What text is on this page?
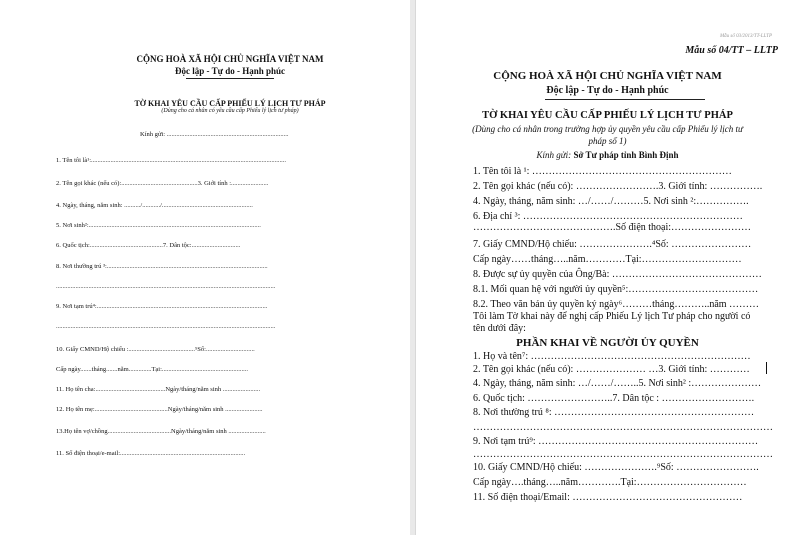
Mẫu số 03/2013/TT-LLTP
CỘNG HOÀ XÃ HỘI CHỦ NGHĨA VIỆT NAM
Độc lập - Tự do - Hạnh phúc
TỜ KHAI YÊU CẦU CẤP PHIẾU LÝ LỊCH TƯ PHÁP
(Dùng cho cá nhân có yêu cầu cấp Phiếu lý lịch tư pháp)
Kính gửi: ...........................................................................
1. Tên tôi là¹:........................................................................................................................
2. Tên gọi khác (nếu có):...............................................3. Giới tính :.......................
4. Ngày, tháng, năm sinh: ........../.........../........................................................
5. Nơi sinh²:..........................................................................................................
6. Quốc tịch:.............................................7. Dân tộc:..............................
8. Nơi thường trú ³:...................................................................................................
.......................................................................................................................................
9. Nơi tạm trú⁴:.........................................................................................................
.......................................................................................................................................
10. Giấy CMND/Hộ chiếu :.........................................⁵Số:..............................
Cấp ngày.......tháng.......năm..............Tại:.....................................................
11. Họ tên cha:...........................................Ngày/tháng/năm sinh .......................
12. Họ tên mẹ:.............................................Ngày/tháng/năm sinh .......................
13.Họ tên vợ/chồng.......................................Ngày/tháng/năm sinh .......................
11. Số điện thoại/e-mail:.............................................................................
Mẫu số 04/TT – LLTP
CỘNG HOÀ XÃ HỘI CHỦ NGHĨA VIỆT NAM
Độc lập - Tự do - Hạnh phúc
TỜ KHAI YÊU CẦU CẤP PHIẾU LÝ LỊCH TƯ PHÁP
(Dùng cho cá nhân trong trường hợp ủy quyền yêu cầu cấp Phiếu lý lịch tư
pháp số 1)
Kính gửi: Sở Tư pháp tỉnh Bình Định
1. Tên tôi là ¹: ……………………………………………………
2. Tên gọi khác (nếu có): …………………….3. Giới tính: …………….
4. Ngày, tháng, năm sinh: …/……/………5. Nơi sinh ²:…………….
6. Địa chỉ ³: …………………………………………………………
…………………………………….Số điện thoại:……………………
7. Giấy CMND/Hộ chiếu: ………………….⁴Số: ……………………
Cấp ngày……tháng…..năm…………Tại:…………………………
8. Được sự ủy quyền của Ông/Bà: ………………………………………
8.1. Mối quan hệ với người ủy quyền⁵:…………………………………
8.2. Theo văn bản ủy quyền ký ngày⁶………tháng………..năm ………
Tôi làm Tờ khai này để nghị cấp Phiếu Lý lịch Tư pháp cho người có
tên dưới đây:
PHẦN KHAI VỀ NGƯỜI ỦY QUYỀN
1. Họ và tên⁷: …………………………………………………………
2. Tên gọi khác (nếu có): ………………… …3. Giới tính: …………
4. Ngày, tháng, năm sinh: …/……/……..5. Nơi sinh² :…………………
6. Quốc tịch: ……………………..7. Dân tộc : ……………………….
8. Nơi thường trú ⁸: ……………………………………………………
………………………………………………………………………………
9. Nơi tạm trú⁹: …………………………………………………………
………………………………………………………………………………
10. Giấy CMND/Hộ chiếu: ………………….⁹Số: …………………….
Cấp ngày….tháng…..năm………….Tại:……………………………
11. Số điện thoại/Email: ……………………………………………
